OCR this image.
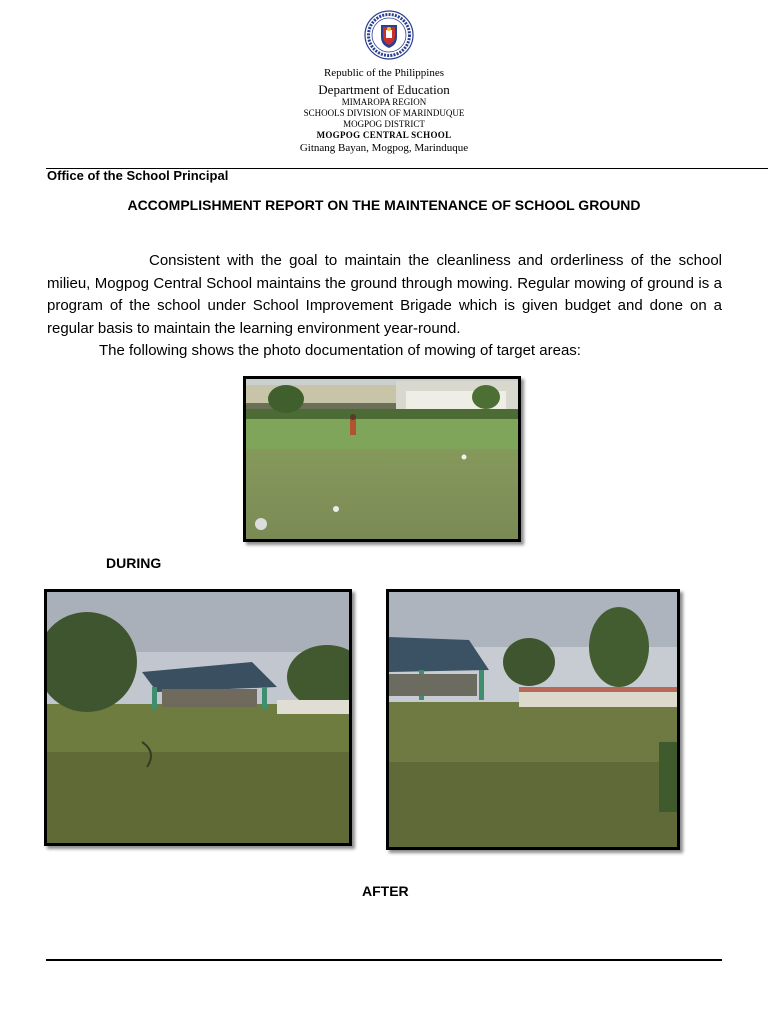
Republic of the Philippines
Department of Education
MIMAROPA REGION
SCHOOLS DIVISION OF MARINDUQUE
MOGPOG DISTRICT
MOGPOG CENTRAL SCHOOL
Gitnang Bayan, Mogpog, Marinduque
Office of the School Principal
ACCOMPLISHMENT REPORT ON THE MAINTENANCE OF SCHOOL GROUND

Consistent with the goal to maintain the cleanliness and orderliness of the school milieu, Mogpog Central School maintains the ground through mowing. Regular mowing of ground is a program of the school under School Improvement Brigade which is given budget and done on a regular basis to maintain the learning environment year-round.

The following shows the photo documentation of mowing of target areas:

DURING
AFTER
